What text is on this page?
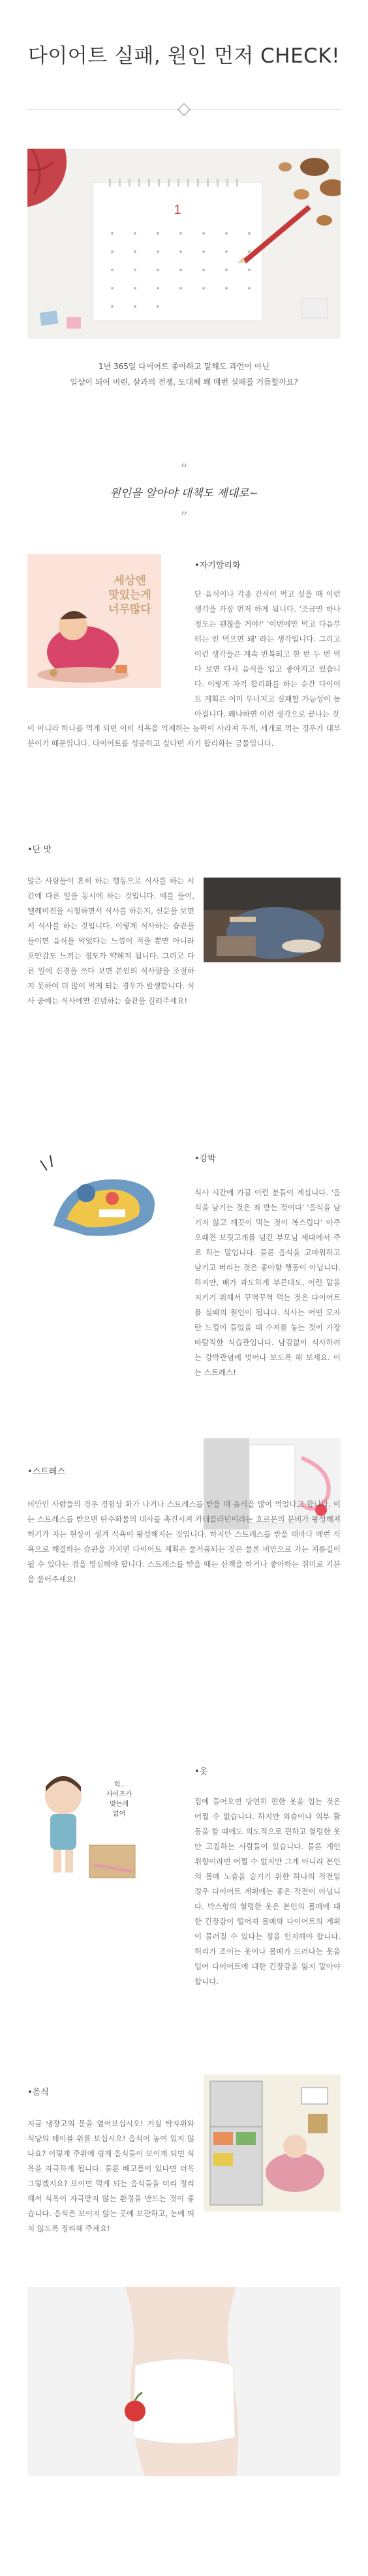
다이어트 실패, 원인 먼저 CHECK!
1
1년 365일 다이어트 좋아하고 말해도 과언이 아닌
일상이 되어 버린, 살과의 전쟁, 도대체 왜 매번 실패를 거듭할까요?
“
원인을 알아야 대책도 제대로~
”
세상엔
맛있는게
너무많다
•자기합리화
단 음식이나 각종 간식이 먹고 싶을 때 이런 생각을 가장 먼저 하게 됩니다. '조금만 하나 정도는 괜찮을 거야!' '이번에만 먹고 다음부터는 안 먹으면 돼' 라는 생각입니다. 그리고 이런 생각들은 계속 반복되고 한 번 두 번 먹다 보면 다시 음식을 입고 좋아지고 있습니다. 이렇게 자기 합리화를 하는 순간 다이어트 계획은 이미 무너지고 실패할 가능성이 높아집니다. 왜냐하면 이런 생각으로 끝나는 것
이 아니라 하나를 먹게 되면 이미 식욕을 억제하는 능력이 사라져 두개, 세개로 먹는 경우가 대부분이기 때문입니다. 다이어트를 성공하고 싶다면 자기 합리화는 금물입니다.
•단 맛
많은 사람들이 흔히 하는 행동으로 식사를 하는 시간에 다른 일을 동시에 하는 것입니다. 예를 들어, 텔레비전을 시청하면서 식사를 하든지, 신문을 보면서 식사를 하는 것입니다. 이렇게 식사하는 습관을 들이면 음식을 먹었다는 느낌이 적을 뿐만 아니라 포만감도 느끼는 정도가 약해져 됩니다. 그리고 다른 일에 신경을 쓰다 보면 본인의 식사량을 조절하지 못하여 더 많이 먹게 되는 경우가 발생합니다. 식사 중에는 식사에만 전념하는 습관을 길러주세요!
•강박
식사 시간에 가끔 이런 분들이 계십니다. '음식을 남기는 것은 죄 받는 것이다' '음식을 남기지 않고 깨끗이 먹는 것이 복스럽다' 아주 오래전 보릿고개를 넘긴 부모님 세대에서 주로 하는 말입니다. 물론 음식을 고마워하고 남기고 버리는 것은 좋아할 행동이 아닙니다. 하지만, 배가 과도하게 부른데도, 이런 말을 지키기 위해서 꾸역꾸역 먹는 것은 다이어트를 실패의 원인이 됩니다. 식사는 어떤 모자란 느낌이 들었을 때 수저를 놓는 것이 가장 바람직한 식습관입니다. 남김없이 식사하려는 강박관념에 벗어나 보도록 해 보세요. 이는 스트레스!
•스트레스
비만인 사람들의 경우 경험상 화가 나거나 스트레스를 받을 때 음식을 많이 먹었다고 합니다. 이는 스트레스를 받으면 탄수화물의 대사를 촉진시켜 카테콜라민이라는 호르몬의 분비가 왕성해져 허기가 지는 현상이 생겨 식욕이 왕성해지는 것입니다. 하지만 스트레스를 받을 때마다 매번 식욕으로 해결하는 습관을 가지면 다이어트 계획은 물거품되는 것은 물론 비만으로 가는 지름길이 될 수 있다는 점을 명심해야 합니다. 스트레스를 받을 때는 산책을 하거나 좋아하는 취미로 기분을 풀어주세요!
헉..
사이즈가
맞는게
없어
•옷
집에 들어오면 당연히 편한 옷을 입는 것은 어쩔 수 없습니다. 하지만 외출이나 외부 활동을 할 때에도 의도적으로 편하고 헐렁한 옷만 고집하는 사람들이 있습니다. 물론 개인 취향이라면 어쩔 수 없지만 그게 아니라 본인의 몸매 노출을 숨기기 위한 하나의 작전일 경우 다이어트 계획에는 좋은 작전이 아닙니다. 박스형의 헐렁한 옷은 본인의 몸매에 대한 긴장감이 떨어져 몸매와 다이어트의 계획이 물러질 수 있다는 점을 인지해야 합니다. 허리가 조이는 옷이나 몸매가 드러나는 옷을 입어 다이어트에 대한 긴장감을 잃지 말아야 합니다.
•음식
지금 냉장고의 문을 열어보십시오! 거실 탁자위와 식당의 테이블 위를 보십시오! 음식이 놓여 있지 않나요? 이렇게 주위에 쉽게 음식들이 보이게 되면 식욕을 자극하게 됩니다. 물론 배고픔이 있다면 더욱 그렇겠지요? 보이면 먹게 되는 음식들을 미리 정리해서 식욕이 자극받지 않는 환경을 만드는 것이 좋습니다. 음식은 보이지 않는 곳에 보관하고, 눈에 띄지 않도록 정리해 주세요!
